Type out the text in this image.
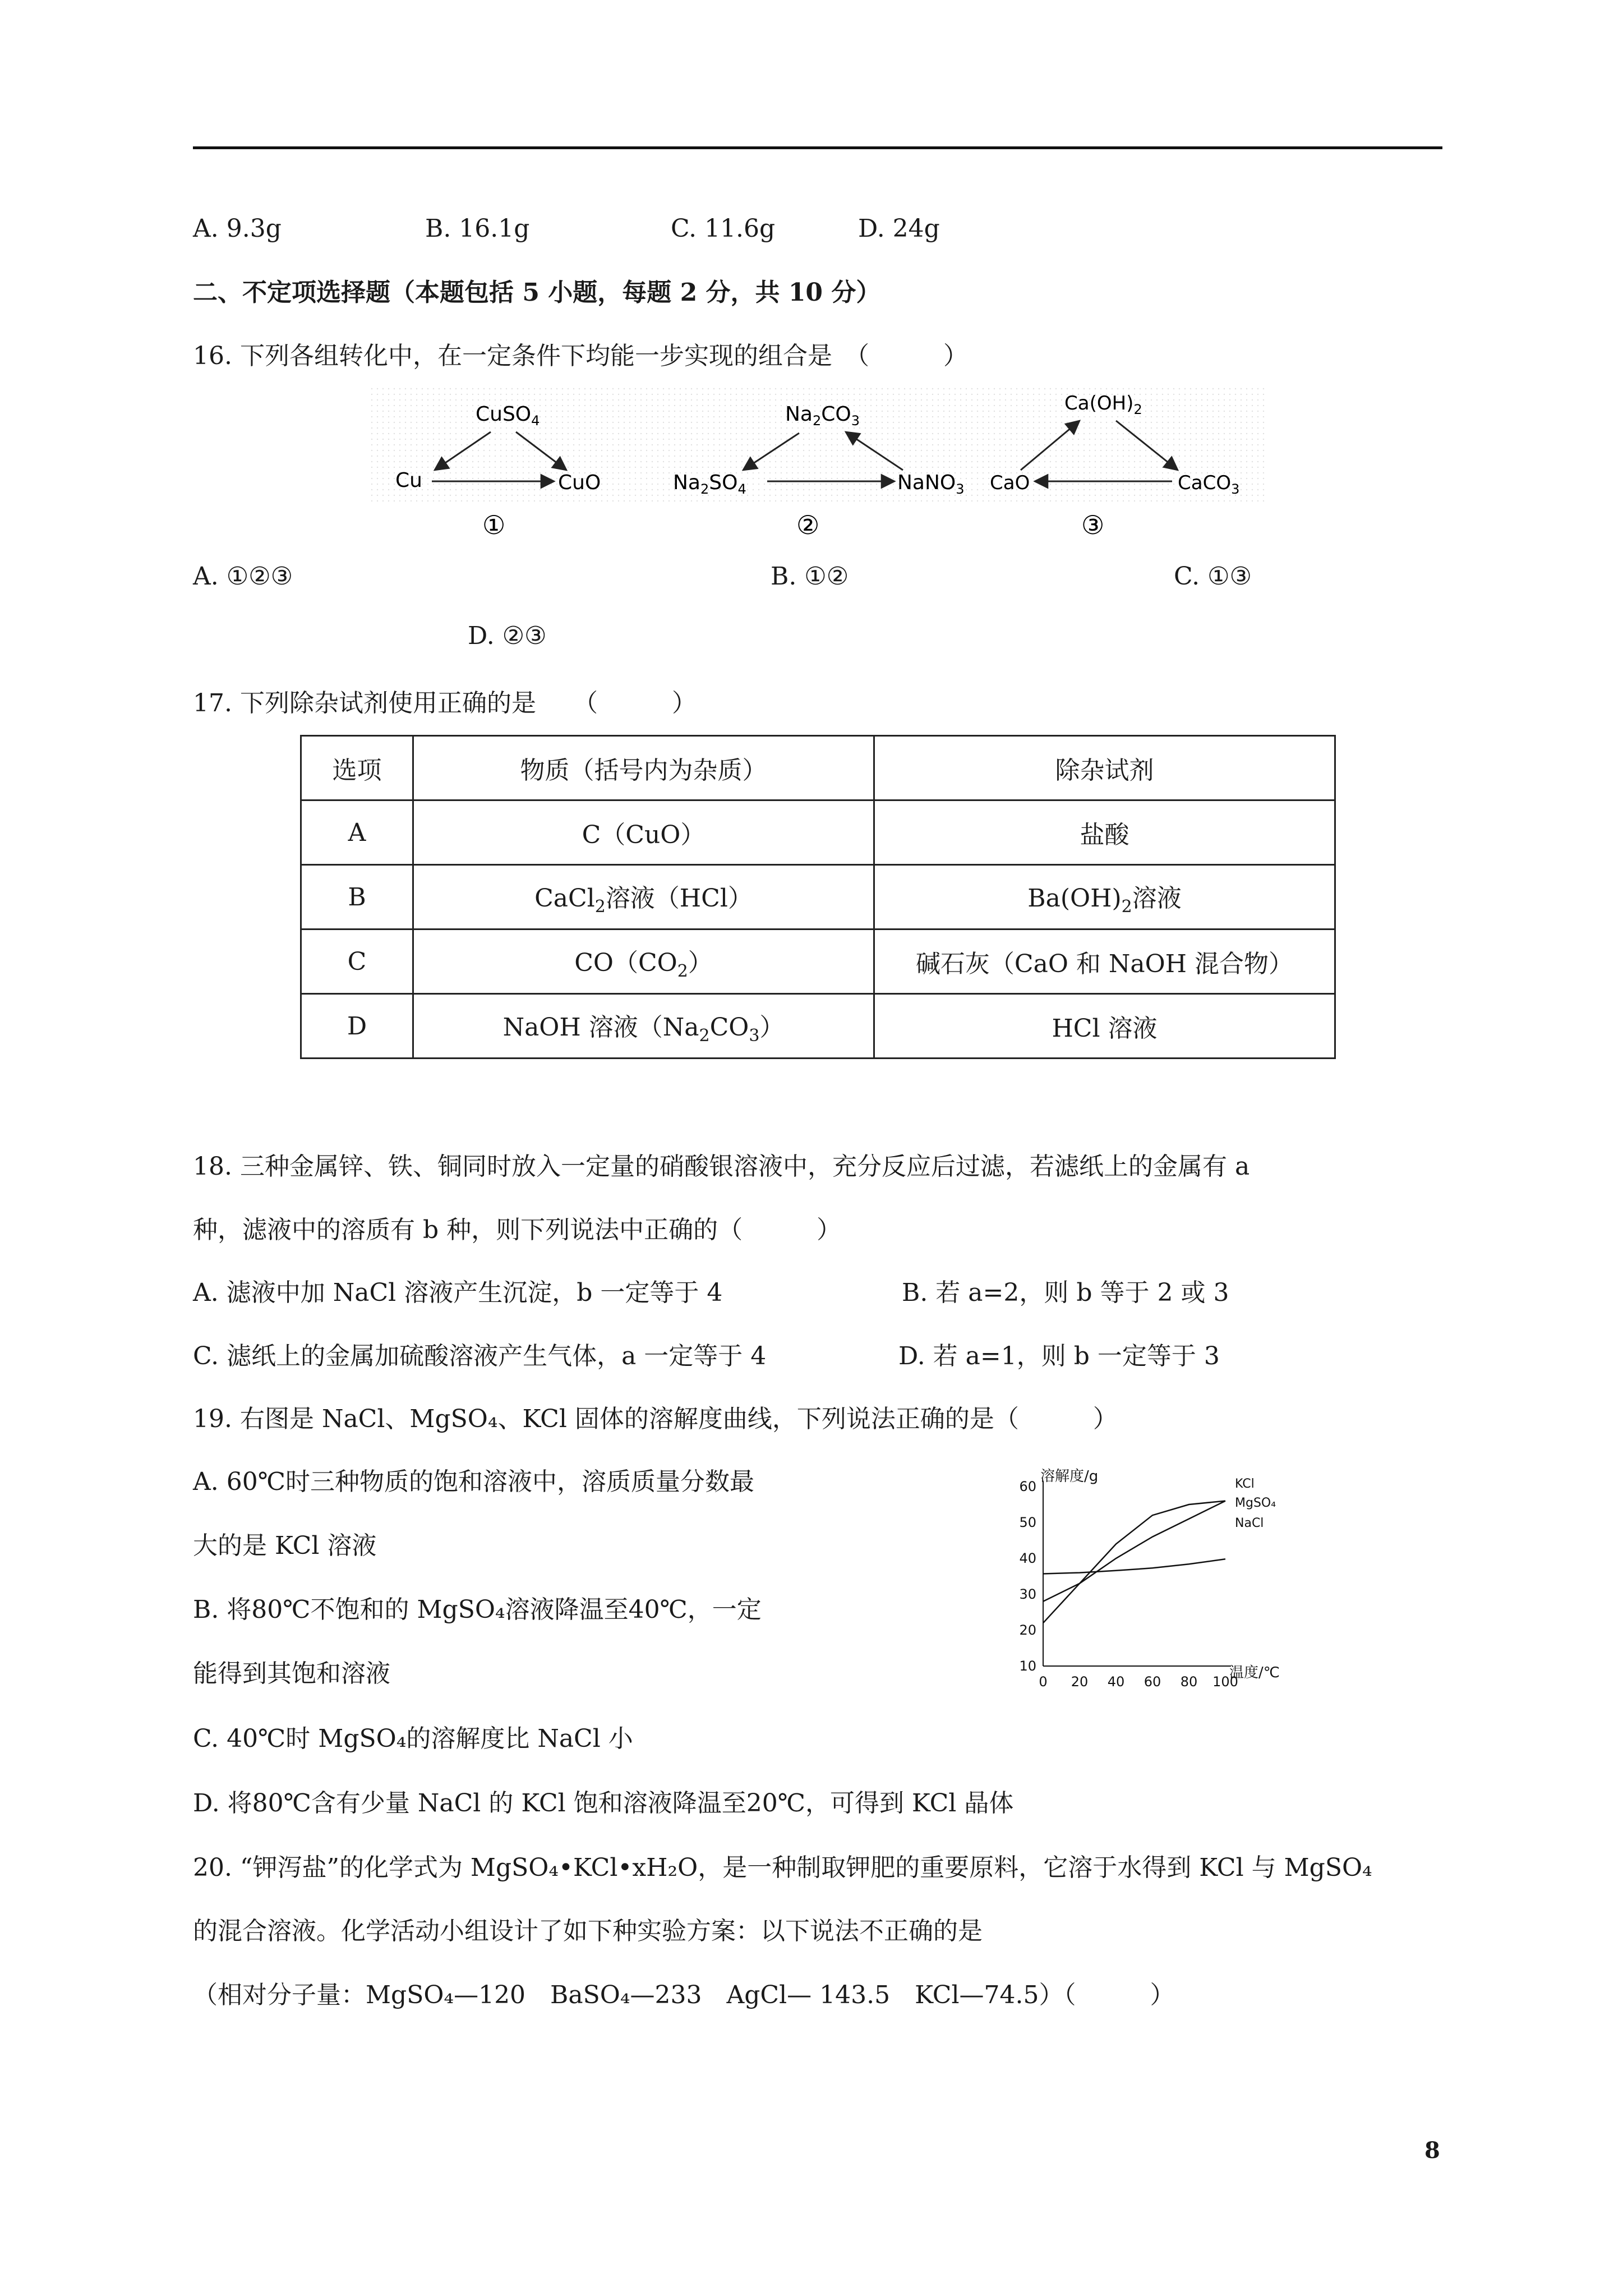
A. 9.3g	B. 16.1g	C. 11.6g	D. 24g
二、不定项选择题（本题包括 5 小题，每题 2 分，共 10 分）
16. 下列各组转化中，在一定条件下均能一步实现的组合是　（　　　）
CuSO$_4$
Cu	CuO
①
$Na_2CO_3$
$Na_2SO_4$	NaNO$_3$
②
$Ca(OH)_2$
CaO	CaCO$_3$
③
A. ①②③	B. ①②	C. ①③
D. ②③
17. 下列除杂试剂使用正确的是　　（　　　）
选项	物质（括号内为杂质）	除杂试剂
A	C（CuO）	盐酸
B	CaCl$_2$溶液（HCl）	$Ba(OH)_2$溶液
C	$CO(CO_2)$	碱石灰（CaO 和 NaOH 混合物）
D	NaOH 溶液$(Na_2CO_3)$	HCl 溶液
18. 三种金属锌、铁、铜同时放入一定量的硝酸银溶液中，充分反应后过滤，若滤纸上的金属有 a
种，滤液中的溶质有 b 种，则下列说法中正确的（　　　）
A. 滤液中加 NaCl 溶液产生沉淀，b 一定等于 4	B. 若 a=2，则 b 等于 2 或 3
C. 滤纸上的金属加硫酸溶液产生气体，a 一定等于 4	D. 若 a=1，则 b 一定等于 3
19. 右图是 NaCl、MgSO₄、KCl 固体的溶解度曲线，下列说法正确的是（　　　）
A. 60℃时三种物质的饱和溶液中，溶质质量分数最
大的是 KCl 溶液
B. 将80℃不饱和的 MgSO₄溶液降温至40℃，一定
能得到其饱和溶液
C. 40℃时 MgSO₄的溶解度比 NaCl 小
D. 将80℃含有少量 NaCl 的 KCl 饱和溶液降温至20℃，可得到 KCl 晶体
溶解度/g
温度/℃
0 20 40 60 80 100
10
20
30
40
50
60	KCl
MgSO₄
NaCl
20. “钾泻盐”的化学式为 MgSO₄•KCl•xH₂O，是一种制取钾肥的重要原料，它溶于水得到 KCl 与 MgSO₄
的混合溶液。化学活动小组设计了如下种实验方案：以下说法不正确的是
（相对分子量：MgSO₄—120　BaSO₄—233　AgCl— 143.5　KCl—74.5）（　　　）
8
